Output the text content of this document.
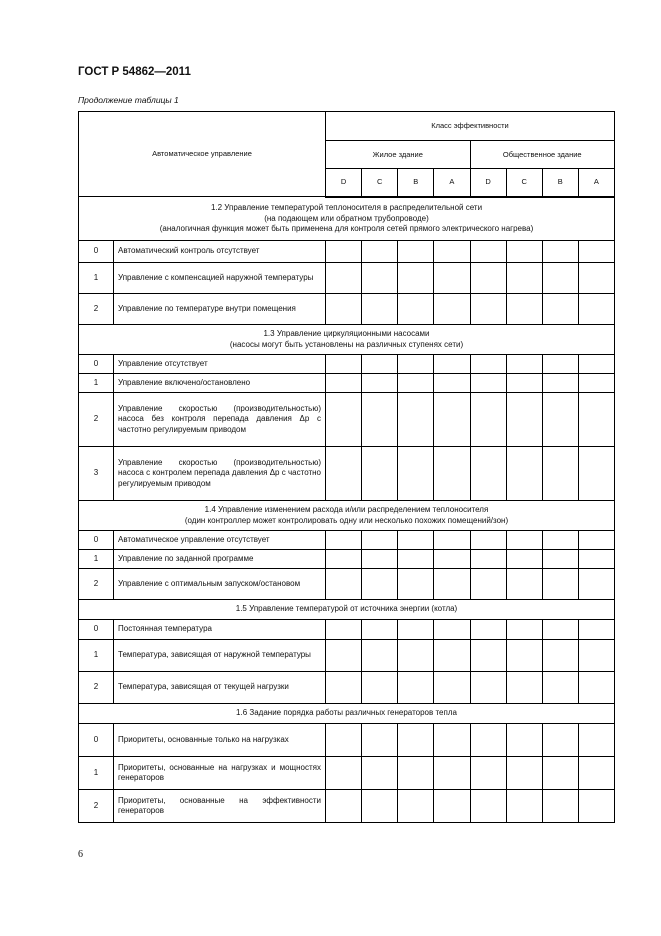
ГОСТ Р 54862—2011
Продолжение таблицы 1
Автоматическое управление		Класс эффективности							
		Жилое здание				Общественное здание			
		D	C	B	A	D	C	B	A

1.2 Управление температурой теплоносителя в распределительной сети
(на подающем или обратном трубопроводе)
(аналогичная функция может быть применена для контроля сетей прямого электрического нагрева)									

0	Автоматический контроль отсутствует								
1	Управление с компенсацией наружной температуры								
2	Управление по температуре внутри помещения								

1.3 Управление циркуляционными насосами
(насосы могут быть установлены на различных ступенях сети)									

0	Управление отсутствует								
1	Управление включено/остановлено								
2	Управление скоростью (производительностью) насоса без контроля перепада давления Δp с частотно регулируемым приводом								
3	Управление скоростью (производительностью) насоса с контролем перепада давления Δp с частотно регулируемым приводом								

1.4 Управление изменением расхода и/или распределением теплоносителя
(один контроллер может контролировать одну или несколько похожих помещений/зон)									

0	Автоматическое управление отсутствует								
1	Управление по заданной программе								
2	Управление с оптимальным запуском/остановом								

1.5 Управление температурой от источника энергии (котла)									

0	Постоянная температура								
1	Температура, зависящая от наружной температуры								
2	Температура, зависящая от текущей нагрузки								

1.6 Задание порядка работы различных генераторов тепла									

0	Приоритеты, основанные только на нагрузках								
1	Приоритеты, основанные на нагрузках и мощностях генераторов								
2	Приоритеты, основанные на эффективности генераторов								
6
